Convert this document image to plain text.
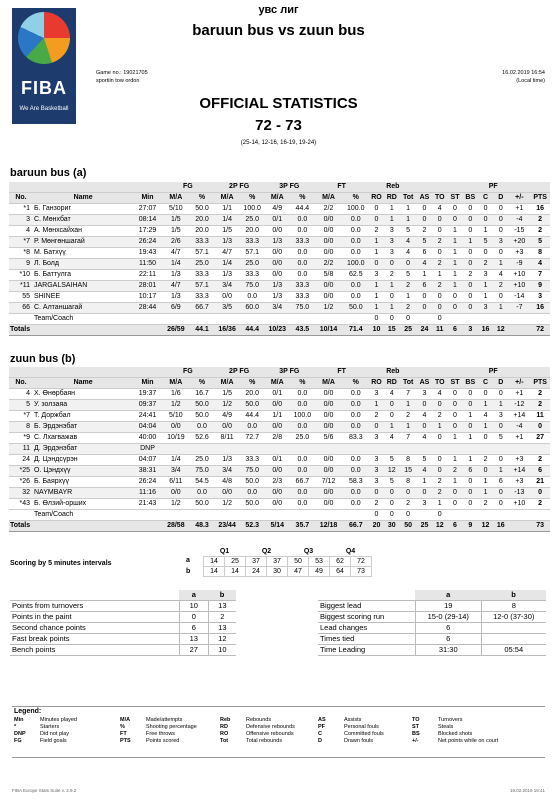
FIBA
We Are Basketball
увс лиг
baruun bus vs zuun bus
Game no.: 19021705
sportiin tow ordon
16.02.2019 16:54
(Local time)
OFFICIAL STATISTICS
72 - 73
(25-14, 12-16, 16-19, 19-24)
baruun bus (a)
			FG		2P FG		3P FG		FT		Reb							PF			
No.	Name	Min	M/A	%	M/A	%	M/A	%	M/A	%	RO	RD	Tot	AS	TO	ST	BS	C	D	+/-	PTS
*1	Б. Ганзориг	27:07	5/10	50.0	1/1	100.0	4/9	44.4	2/2	100.0	0	1	1	0	4	0	0	0	0	+1	16
3	С. Мөнхбат	08:14	1/5	20.0	1/4	25.0	0/1	0.0	0/0	0.0	0	1	1	0	0	0	0	0	0	-4	2
4	А. Мөнхсайхан	17:29	1/5	20.0	1/5	20.0	0/0	0.0	0/0	0.0	2	3	5	2	0	1	0	1	0	-15	2
*7	Р. Мөнгөншагай	26:24	2/6	33.3	1/3	33.3	1/3	33.3	0/0	0.0	1	3	4	5	2	1	1	5	3	+20	5
*8	М. Батхүү	19:43	4/7	57.1	4/7	57.1	0/0	0.0	0/0	0.0	1	3	4	6	0	1	0	0	0	+3	8
9	Л. Болд	11:50	1/4	25.0	1/4	25.0	0/0	0.0	2/2	100.0	0	0	0	4	2	1	0	2	1	-9	4
*10	Б. Баттулга	22:11	1/3	33.3	1/3	33.3	0/0	0.0	5/8	62.5	3	2	5	1	1	1	2	3	4	+10	7
*11	JARGALSAIHAN	28:01	4/7	57.1	3/4	75.0	1/3	33.3	0/0	0.0	1	1	2	6	2	1	0	1	2	+10	9
55	SHINEE	10:17	1/3	33.3	0/0	0.0	1/3	33.3	0/0	0.0	1	0	1	0	0	0	0	1	0	-14	3
66	С. Алтаншагай	28:44	6/9	66.7	3/5	60.0	3/4	75.0	1/2	50.0	1	1	2	0	0	0	0	3	1	-7	16
	Team/Coach										0	0	0		0						
Totals			26/59	44.1	16/36	44.4	10/23	43.5	10/14	71.4	10	15	25	24	11	6	3	16	12		72
zuun bus (b)
			FG		2P FG		3P FG		FT		Reb							PF			
No.	Name	Min	M/A	%	M/A	%	M/A	%	M/A	%	RO	RD	Tot	AS	TO	ST	BS	C	D	+/-	PTS
4	Х. Өнөрбаян	19:37	1/6	16.7	1/5	20.0	0/1	0.0	0/0	0.0	3	4	7	3	4	0	0	0	0	+1	2
5	У. золзаяа	09:37	1/2	50.0	1/2	50.0	0/0	0.0	0/0	0.0	1	0	1	0	0	0	0	1	1	-12	2
*7	Т. Доржбал	24:41	5/10	50.0	4/9	44.4	1/1	100.0	0/0	0.0	2	0	2	4	2	0	1	4	3	+14	11
8	Б. Эрдэнэбат	04:04	0/0	0.0	0/0	0.0	0/0	0.0	0/0	0.0	0	1	1	0	1	0	0	1	0	-4	0
*9	С. Лхагважав	40:00	10/19	52.6	8/11	72.7	2/8	25.0	5/6	83.3	3	4	7	4	0	1	1	0	5	+1	27
11	Д. Эрдэнэбат	DNP																			
24	Д. Цэндсүрэн	04:07	1/4	25.0	1/3	33.3	0/1	0.0	0/0	0.0	3	5	8	5	0	1	1	2	0	+3	2
*25	О. Цэндхүү	38:31	3/4	75.0	3/4	75.0	0/0	0.0	0/0	0.0	3	12	15	4	0	2	6	0	1	+14	6
*26	Б. Баярхүү	26:24	6/11	54.5	4/8	50.0	2/3	66.7	7/12	58.3	3	5	8	1	2	1	0	1	6	+3	21
32	NAYMBAYR	11:16	0/0	0.0	0/0	0.0	0/0	0.0	0/0	0.0	0	0	0	0	2	0	0	1	0	-13	0
*43	Б. Өлзий-орших	21:43	1/2	50.0	1/2	50.0	0/0	0.0	0/0	0.0	2	0	2	3	1	0	0	2	0	+10	2
	Team/Coach										0	0	0		0						
Totals			28/58	48.3	23/44	52.3	5/14	35.7	12/18	66.7	20	30	50	25	12	6	9	12	16		73
Scoring by 5 minutes intervals	a
b
Q1		Q2		Q3		Q4	
14	25	37	37	50	53	62	72
14	14	24	30	47	49	64	73
	a	b
Points from turnovers	10	13
Points in the paint	0	2
Second chance points	6	13
Fast break points	13	12
Bench points	27	10
	a	b
Biggest lead	19	8
Biggest scoring run	15-0 (29-14)	12-0 (37-30)
Lead changes	6	
Times tied	6	
Time Leading	31:30	05:54
Legend:
Min	Minutes played
*	Starters
DNP	Did not play
FG	Field goals
M/A	Made/attempts
%	Shooting percentage
FT	Free throws
PTS	Points scored
Reb	Rebounds
RD	Defensive rebounds
RO	Offensive rebounds
Tot	Total rebounds
AS	Assists
PF	Personal fouls
C	Committed fouls
D	Drawn fouls
TO	Turnovers
ST	Steals
BS	Blocked shots
+/-	Net points while on court
FIBA Europe Stats Suite v. 2.9.2	16.02.2019 18:41
